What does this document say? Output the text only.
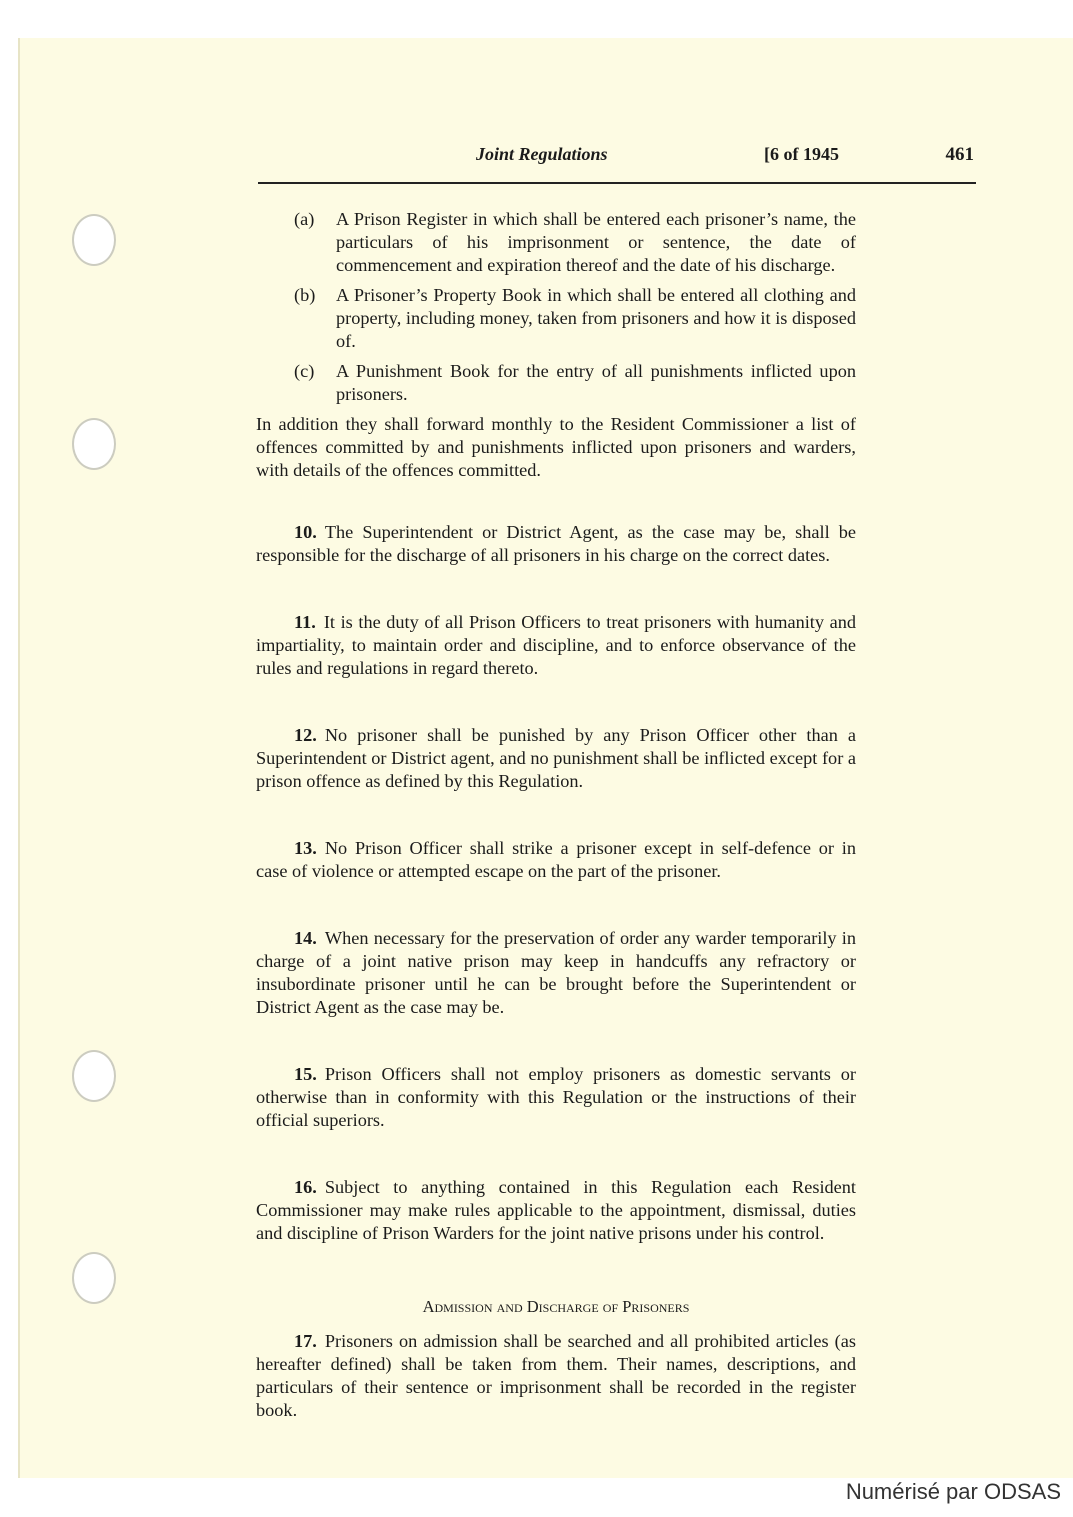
Joint Regulations	[6 of 1945	461
(a)	A Prison Register in which shall be entered each prisoner’s name, the particulars of his imprisonment or sentence, the date of commencement and expiration thereof and the date of his discharge.
(b)	A Prisoner’s Property Book in which shall be entered all clothing and property, including money, taken from prisoners and how it is disposed of.
(c)	A Punishment Book for the entry of all punishments inflicted upon prisoners.

In addition they shall forward monthly to the Resident Commissioner a list of offences committed by and punishments inflicted upon prisoners and warders, with details of the offences committed.

10. The Superintendent or District Agent, as the case may be, shall be responsible for the discharge of all prisoners in his charge on the correct dates.

11. It is the duty of all Prison Officers to treat prisoners with humanity and impartiality, to maintain order and discipline, and to enforce observance of the rules and regulations in regard thereto.

12. No prisoner shall be punished by any Prison Officer other than a Superintendent or District agent, and no punishment shall be inflicted except for a prison offence as defined by this Regulation.

13. No Prison Officer shall strike a prisoner except in self-defence or in case of violence or attempted escape on the part of the prisoner.

14. When necessary for the preservation of order any warder temporarily in charge of a joint native prison may keep in handcuffs any refractory or insubordinate prisoner until he can be brought before the Superintendent or District Agent as the case may be.

15. Prison Officers shall not employ prisoners as domestic servants or otherwise than in conformity with this Regulation or the instructions of their official superiors.

16. Subject to anything contained in this Regulation each Resident Commissioner may make rules applicable to the appointment, dismissal, duties and discipline of Prison Warders for the joint native prisons under his control.

Admission and Discharge of Prisoners

17. Prisoners on admission shall be searched and all prohibited articles (as hereafter defined) shall be taken from them. Their names, descriptions, and particulars of their sentence or imprisonment shall be recorded in the register book.

Numérisé par ODSAS
